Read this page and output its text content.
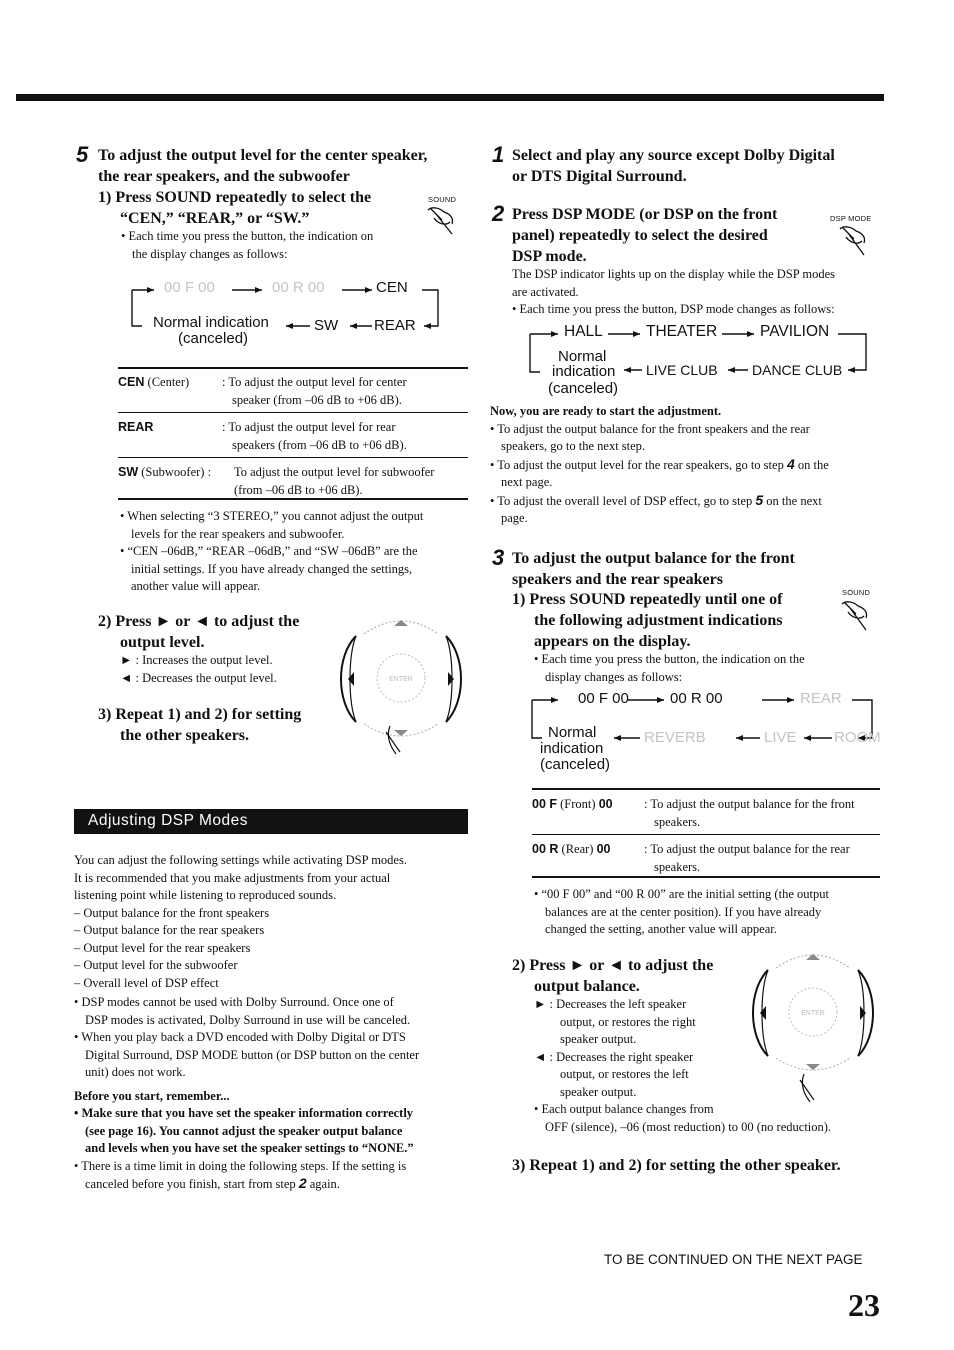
5 To adjust the output level for the center speaker,
the rear speakers, and the subwoofer
1) Press SOUND repeatedly to select the
“CEN,” “REAR,” or “SW.”
SOUND
• Each time you press the button, the indication on
the display changes as follows:
00 F 00	00 R 00	CEN
Normal indication
(canceled)
SW REAR
CEN (Center)	: To adjust the output level for center
speaker (from –06 dB to +06 dB).
REAR	: To adjust the output level for rear
speakers (from –06 dB to +06 dB).
SW (Subwoofer) :	To adjust the output level for subwoofer
(from –06 dB to +06 dB).
• When selecting “3 STEREO,” you cannot adjust the output
levels for the rear speakers and subwoofer.
• “CEN –06dB,” “REAR –06dB,” and “SW –06dB” are the
initial settings. If you have already changed the settings,
another value will appear.
2) Press ► or ◄ to adjust the
output level.
► : Increases the output level.
◄ : Decreases the output level.
3) Repeat 1) and 2) for setting
the other speakers.
ENTER
Adjusting DSP Modes
You can adjust the following settings while activating DSP modes.
It is recommended that you make adjustments from your actual
listening point while listening to reproduced sounds.
– Output balance for the front speakers
– Output balance for the rear speakers
– Output level for the rear speakers
– Output level for the subwoofer
– Overall level of DSP effect
• DSP modes cannot be used with Dolby Surround. Once one of
DSP modes is activated, Dolby Surround in use will be canceled.
• When you play back a DVD encoded with Dolby Digital or DTS
Digital Surround, DSP MODE button (or DSP button on the center
unit) does not work.
Before you start, remember...
• Make sure that you have set the speaker information correctly
(see page 16). You cannot adjust the speaker output balance
and levels when you have set the speaker settings to “NONE.”
• There is a time limit in doing the following steps. If the setting is
canceled before you finish, start from step 2 again.
1 Select and play any source except Dolby Digital
or DTS Digital Surround.
2 Press DSP MODE (or DSP on the front
panel) repeatedly to select the desired
DSP mode.
DSP MODE
The DSP indicator lights up on the display while the DSP modes
are activated.
• Each time you press the button, DSP mode changes as follows:
HALL	THEATER	PAVILION
Normal
indication
(canceled)
LIVE CLUB DANCE CLUB
Now, you are ready to start the adjustment.
• To adjust the output balance for the front speakers and the rear
speakers, go to the next step.
• To adjust the output level for the rear speakers, go to step 4 on the
next page.
• To adjust the overall level of DSP effect, go to step 5 on the next
page.
3 To adjust the output balance for the front
speakers and the rear speakers
1) Press SOUND repeatedly until one of
the following adjustment indications
appears on the display.
SOUND
• Each time you press the button, the indication on the
display changes as follows:
00 F 00	00 R 00	REAR
Normal
indication
(canceled)
REVERB	LIVE ROOM
00 F (Front) 00	: To adjust the output balance for the front
speakers.
00 R (Rear) 00	: To adjust the output balance for the rear
speakers.
• “00 F 00” and “00 R 00” are the initial setting (the output
balances are at the center position). If you have already
changed the setting, another value will appear.
2) Press ► or ◄ to adjust the
output balance.
► : Decreases the left speaker
output, or restores the right
speaker output.
◄ : Decreases the right speaker
output, or restores the left
speaker output.
• Each output balance changes from
OFF (silence), –06 (most reduction) to 00 (no reduction).
ENTER
3) Repeat 1) and 2) for setting the other speaker.
TO BE CONTINUED ON THE NEXT PAGE
23
